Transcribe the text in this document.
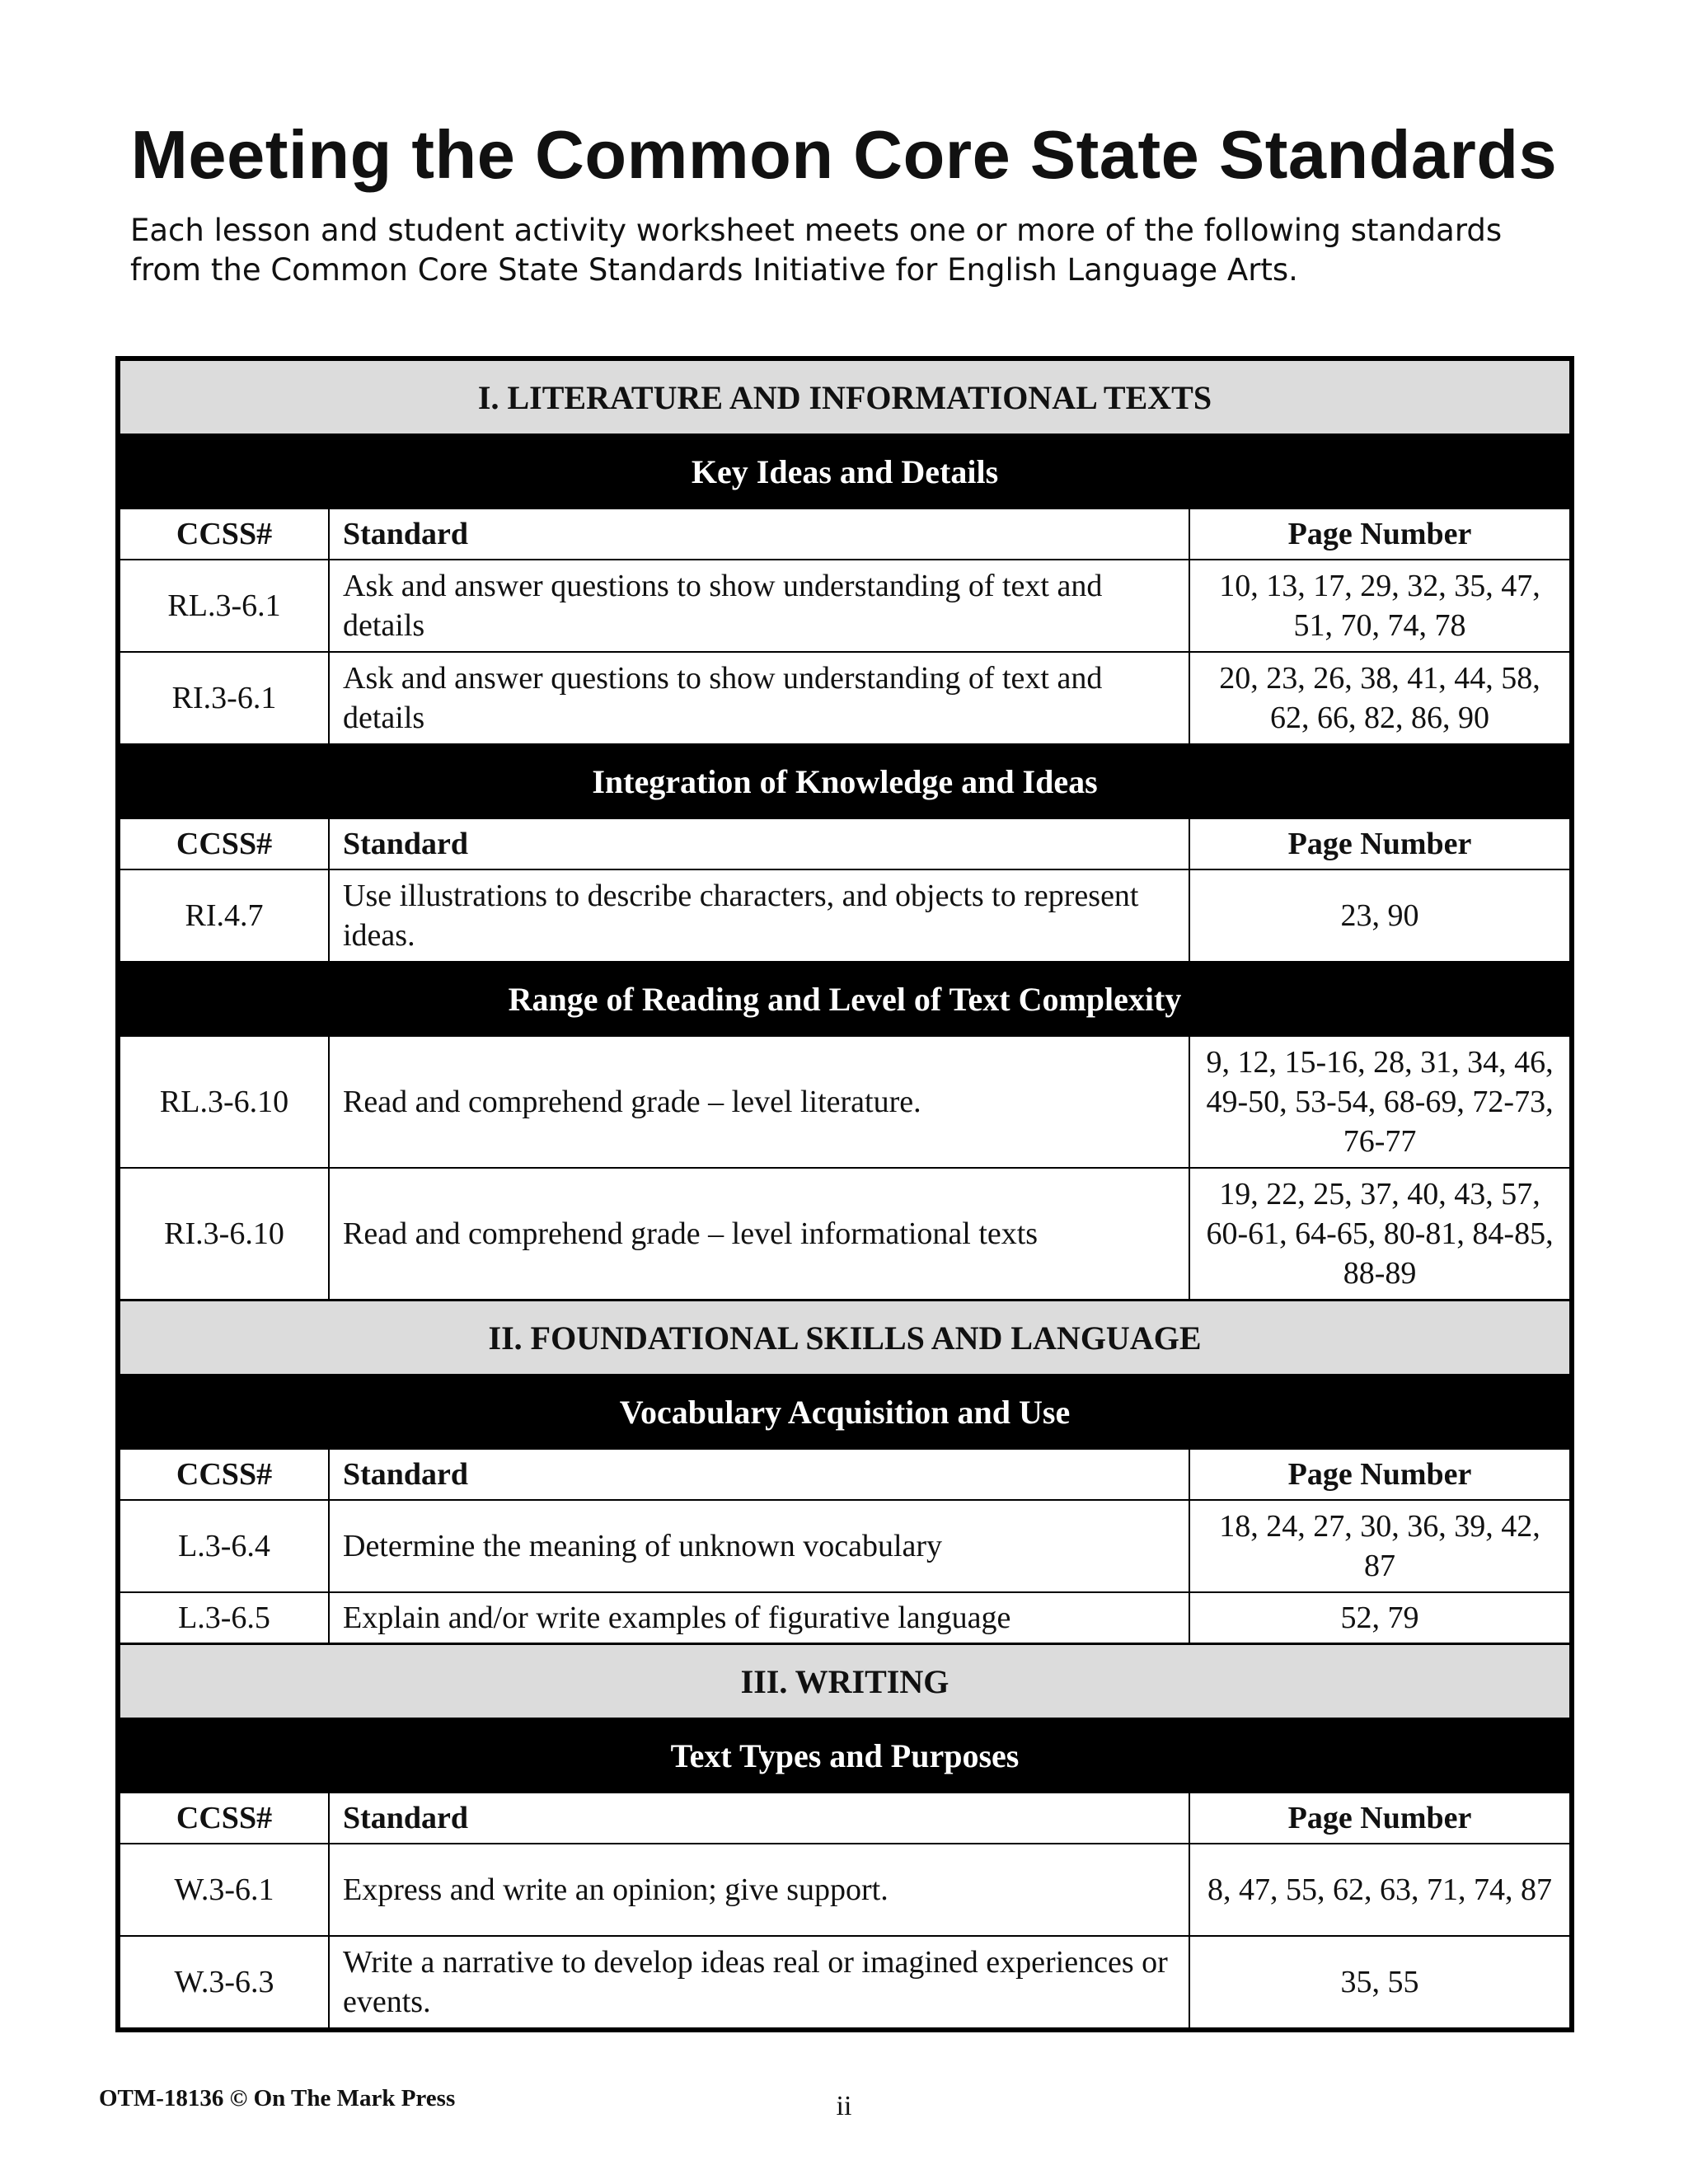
Meeting the Common Core State Standards

Each lesson and student activity worksheet meets one or more of the following standards
from the Common Core State Standards Initiative for English Language Arts.

I. LITERATURE AND INFORMATIONAL TEXTS		
Key Ideas and Details		
CCSS#	Standard	Page Number
RL.3-6.1	Ask and answer questions to show understanding of text and details	10, 13, 17, 29, 32, 35, 47, 51, 70, 74, 78
RI.3-6.1	Ask and answer questions to show understanding of text and details	20, 23, 26, 38, 41, 44, 58, 62, 66, 82, 86, 90
Integration of Knowledge and Ideas		
CCSS#	Standard	Page Number
RI.4.7	Use illustrations to describe characters, and objects to represent ideas.	23, 90
Range of Reading and Level of Text Complexity		
RL.3-6.10	Read and comprehend grade – level literature.	9, 12, 15-16, 28, 31, 34, 46, 49-50, 53-54, 68-69, 72-73, 76-77
RI.3-6.10	Read and comprehend grade – level informational texts	19, 22, 25, 37, 40, 43, 57, 60-61, 64-65, 80-81, 84-85, 88-89
II. FOUNDATIONAL SKILLS AND LANGUAGE		
Vocabulary Acquisition and Use		
CCSS#	Standard	Page Number
L.3-6.4	Determine the meaning of unknown vocabulary	18, 24, 27, 30, 36, 39, 42, 87
L.3-6.5	Explain and/or write examples of figurative language	52, 79
III. WRITING		
Text Types and Purposes		
CCSS#	Standard	Page Number
W.3-6.1	Express and write an opinion; give support.	8, 47, 55, 62, 63, 71, 74, 87
W.3-6.3	Write a narrative to develop ideas real or imagined experiences or events.	35, 55

OTM-18136 © On The Mark Press	ii
